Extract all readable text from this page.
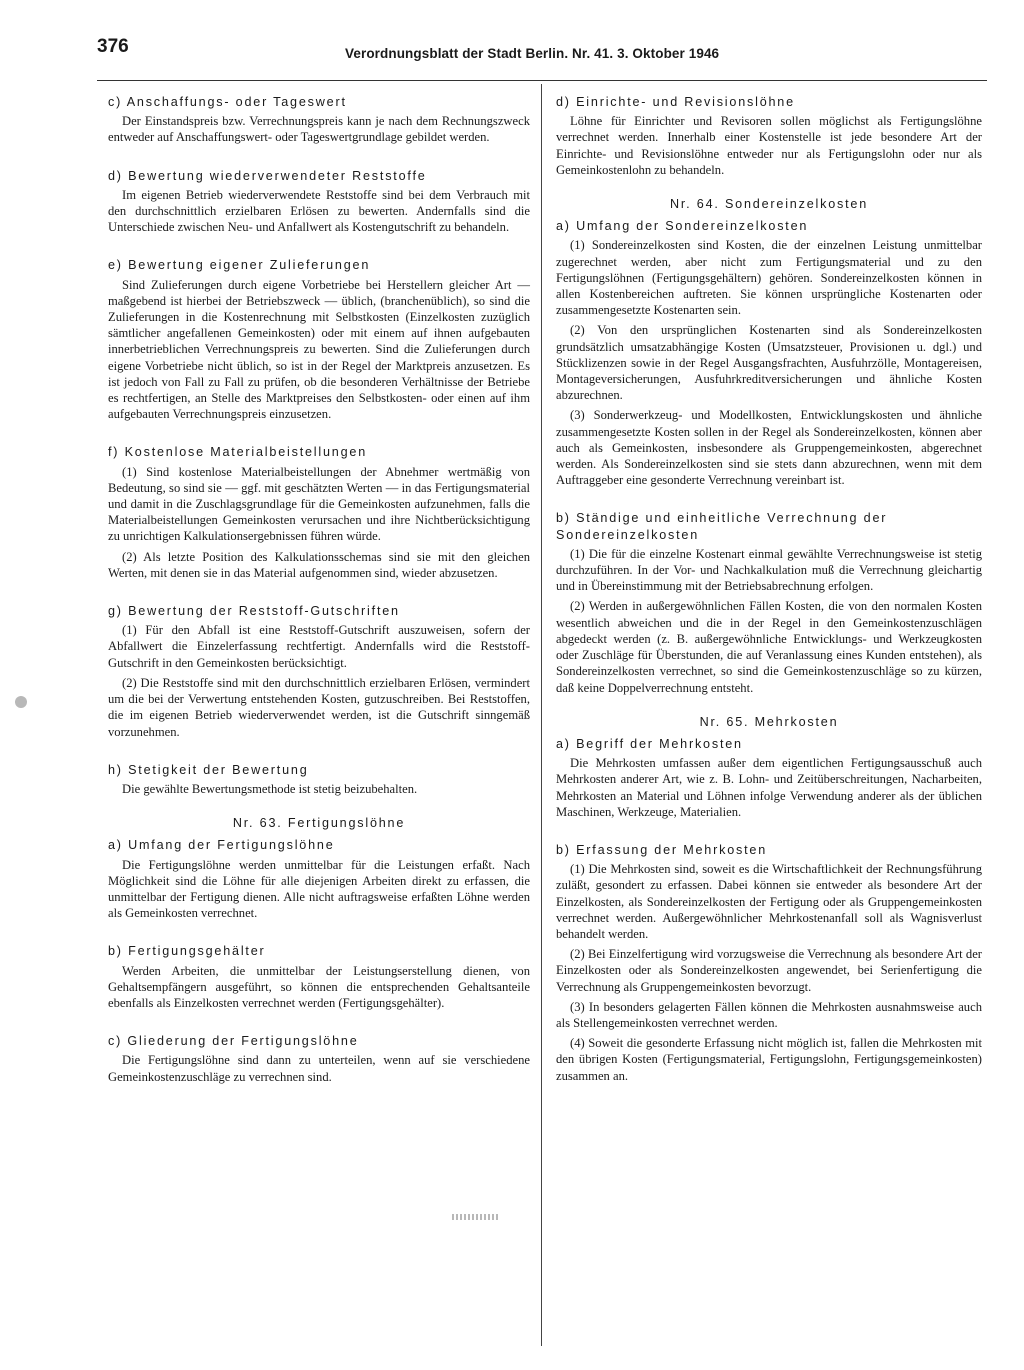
376	Verordnungsblatt der Stadt Berlin. Nr. 41. 3. Oktober 1946
c) Anschaffungs- oder Tageswert

Der Einstandspreis bzw. Verrechnungspreis kann je nach dem Rechnungszweck entweder auf Anschaffungswert- oder Tageswertgrundlage gebildet werden.

d) Bewertung wiederverwendeter Reststoffe

Im eigenen Betrieb wiederverwendete Reststoffe sind bei dem Verbrauch mit den durchschnittlich erzielbaren Erlösen zu bewerten. Andernfalls sind die Unterschiede zwischen Neu- und Anfallwert als Kostengutschrift zu behandeln.

e) Bewertung eigener Zulieferungen

Sind Zulieferungen durch eigene Vorbetriebe bei Herstellern gleicher Art — maßgebend ist hierbei der Betriebszweck — üblich, (branchenüblich), so sind die Zulieferungen in die Kostenrechnung mit Selbstkosten (Einzelkosten zuzüglich sämtlicher angefallenen Gemeinkosten) oder mit einem auf ihnen aufgebauten innerbetrieblichen Verrechnungspreis zu bewerten. Sind die Zulieferungen durch eigene Vorbetriebe nicht üblich, so ist in der Regel der Marktpreis anzusetzen. Es ist jedoch von Fall zu Fall zu prüfen, ob die besonderen Verhältnisse der Betriebe es rechtfertigen, an Stelle des Marktpreises den Selbstkosten- oder einen auf ihm aufgebauten Verrechnungspreis einzusetzen.

f) Kostenlose Materialbeistellungen

(1) Sind kostenlose Materialbeistellungen der Abnehmer wertmäßig von Bedeutung, so sind sie — ggf. mit geschätzten Werten — in das Fertigungsmaterial und damit in die Zuschlagsgrundlage für die Gemeinkosten aufzunehmen, falls die Materialbeistellungen Gemeinkosten verursachen und ihre Nichtberücksichtigung zu unrichtigen Kalkulationsergebnissen führen würde.

(2) Als letzte Position des Kalkulationsschemas sind sie mit den gleichen Werten, mit denen sie in das Material aufgenommen sind, wieder abzusetzen.

g) Bewertung der Reststoff-Gutschriften

(1) Für den Abfall ist eine Reststoff-Gutschrift auszuweisen, sofern der Abfallwert die Einzelerfassung rechtfertigt. Andernfalls wird die Reststoff-Gutschrift in den Gemeinkosten berücksichtigt.

(2) Die Reststoffe sind mit den durchschnittlich erzielbaren Erlösen, vermindert um die bei der Verwertung entstehenden Kosten, gutzuschreiben. Bei Reststoffen, die im eigenen Betrieb wiederverwendet werden, ist die Gutschrift sinngemäß vorzunehmen.

h) Stetigkeit der Bewertung

Die gewählte Bewertungsmethode ist stetig beizubehalten.

Nr. 63. Fertigungslöhne
a) Umfang der Fertigungslöhne

Die Fertigungslöhne werden unmittelbar für die Leistungen erfaßt. Nach Möglichkeit sind die Löhne für alle diejenigen Arbeiten direkt zu erfassen, die unmittelbar der Fertigung dienen. Alle nicht auftragsweise erfaßten Löhne werden als Gemeinkosten verrechnet.

b) Fertigungsgehälter

Werden Arbeiten, die unmittelbar der Leistungserstellung dienen, von Gehaltsempfängern ausgeführt, so können die entsprechenden Gehaltsanteile ebenfalls als Einzelkosten verrechnet werden (Fertigungsgehälter).

c) Gliederung der Fertigungslöhne

Die Fertigungslöhne sind dann zu unterteilen, wenn auf sie verschiedene Gemeinkostenzuschläge zu verrechnen sind.

d) Einrichte- und Revisionslöhne

Löhne für Einrichter und Revisoren sollen möglichst als Fertigungslöhne verrechnet werden. Innerhalb einer Kostenstelle ist jede besondere Art der Einrichte- und Revisionslöhne entweder nur als Fertigungslohn oder nur als Gemeinkostenlohn zu behandeln.

Nr. 64. Sondereinzelkosten
a) Umfang der Sondereinzelkosten

(1) Sondereinzelkosten sind Kosten, die der einzelnen Leistung unmittelbar zugerechnet werden, aber nicht zum Fertigungsmaterial und zu den Fertigungslöhnen (Fertigungsgehältern) gehören. Sondereinzelkosten können in allen Kostenbereichen auftreten. Sie können ursprüngliche Kostenarten oder zusammengesetzte Kostenarten sein.

(2) Von den ursprünglichen Kostenarten sind als Sondereinzelkosten grundsätzlich umsatzabhängige Kosten (Umsatzsteuer, Provisionen u. dgl.) und Stücklizenzen sowie in der Regel Ausgangsfrachten, Ausfuhrzölle, Montagereisen, Montageversicherungen, Ausfuhrkreditversicherungen und ähnliche Kosten abzurechnen.

(3) Sonderwerkzeug- und Modellkosten, Entwicklungskosten und ähnliche zusammengesetzte Kosten sollen in der Regel als Sondereinzelkosten, können aber auch als Gemeinkosten, insbesondere als Gruppengemeinkosten, abgerechnet werden. Als Sondereinzelkosten sind sie stets dann abzurechnen, wenn mit dem Auftraggeber eine gesonderte Verrechnung vereinbart ist.

b) Ständige und einheitliche Verrechnung der Sondereinzelkosten

(1) Die für die einzelne Kostenart einmal gewählte Verrechnungsweise ist stetig durchzuführen. In der Vor- und Nachkalkulation muß die Verrechnung gleichartig und in Übereinstimmung mit der Betriebsabrechnung erfolgen.

(2) Werden in außergewöhnlichen Fällen Kosten, die von den normalen Kosten wesentlich abweichen und die in der Regel in den Gemeinkostenzuschlägen abgedeckt werden (z. B. außergewöhnliche Entwicklungs- und Werkzeugkosten oder Zuschläge für Überstunden, die auf Veranlassung eines Kunden entstehen), als Sondereinzelkosten verrechnet, so sind die Gemeinkostenzuschläge so zu kürzen, daß keine Doppelverrechnung entsteht.

Nr. 65. Mehrkosten
a) Begriff der Mehrkosten

Die Mehrkosten umfassen außer dem eigentlichen Fertigungsausschuß auch Mehrkosten anderer Art, wie z. B. Lohn- und Zeitüberschreitungen, Nacharbeiten, Mehrkosten an Material und Löhnen infolge Verwendung anderer als der üblichen Maschinen, Werkzeuge, Materialien.

b) Erfassung der Mehrkosten

(1) Die Mehrkosten sind, soweit es die Wirtschaftlichkeit der Rechnungsführung zuläßt, gesondert zu erfassen. Dabei können sie entweder als besondere Art der Einzelkosten, als Sondereinzelkosten der Fertigung oder als Gruppengemeinkosten verrechnet werden. Außergewöhnlicher Mehrkostenanfall soll als Wagnisverlust behandelt werden.

(2) Bei Einzelfertigung wird vorzugsweise die Verrechnung als besondere Art der Einzelkosten oder als Sondereinzelkosten angewendet, bei Serienfertigung die Verrechnung als Gruppengemeinkosten bevorzugt.

(3) In besonders gelagerten Fällen können die Mehrkosten ausnahmsweise auch als Stellengemeinkosten verrechnet werden.

(4) Soweit die gesonderte Erfassung nicht möglich ist, fallen die Mehrkosten mit den übrigen Kosten (Fertigungsmaterial, Fertigungslohn, Fertigungsgemeinkosten) zusammen an.
